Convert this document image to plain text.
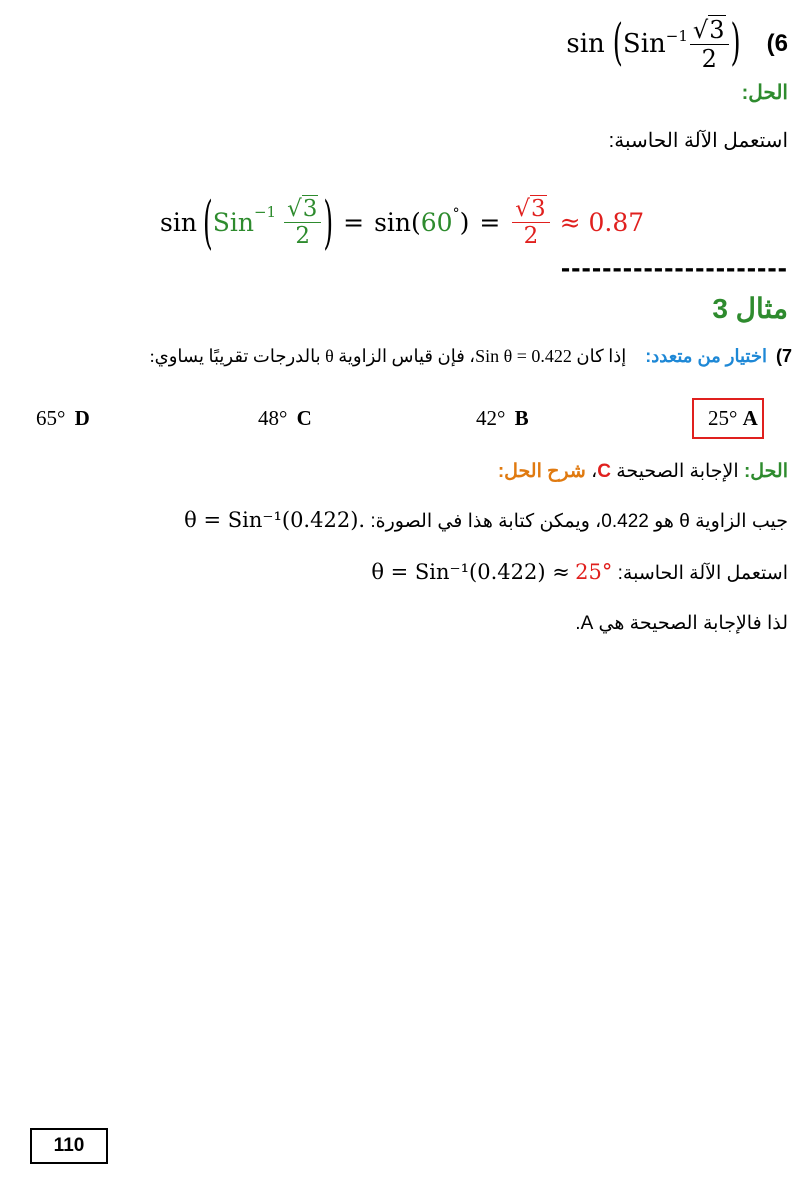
sin ( $Sin^{-1} \frac{√3}{2}$ ) (6
الحل:
استعمل الآلة الحاسبة:
sin ( $Sin^{-1} \frac{√3}{2}$ ) = sin( 60° ) = $\frac{√3}{2} \approx 0.87$
----------------------
مثال 3
7) اختيار من متعدد: إذا كان Sin θ = 0.422، فإن قياس الزاوية θ بالدرجات تقريبًا يساوي:
25° A
42° B
48° C
65° D
الحل: الإجابة الصحيحة C، شرح الحل:
جيب الزاوية θ هو 0.422، ويمكن كتابة هذا في الصورة: θ = Sin⁻¹(0.422).
استعمل الآلة الحاسبة: θ = Sin⁻¹(0.422) ≈ 25°
لذا فالإجابة الصحيحة هي A.
110
